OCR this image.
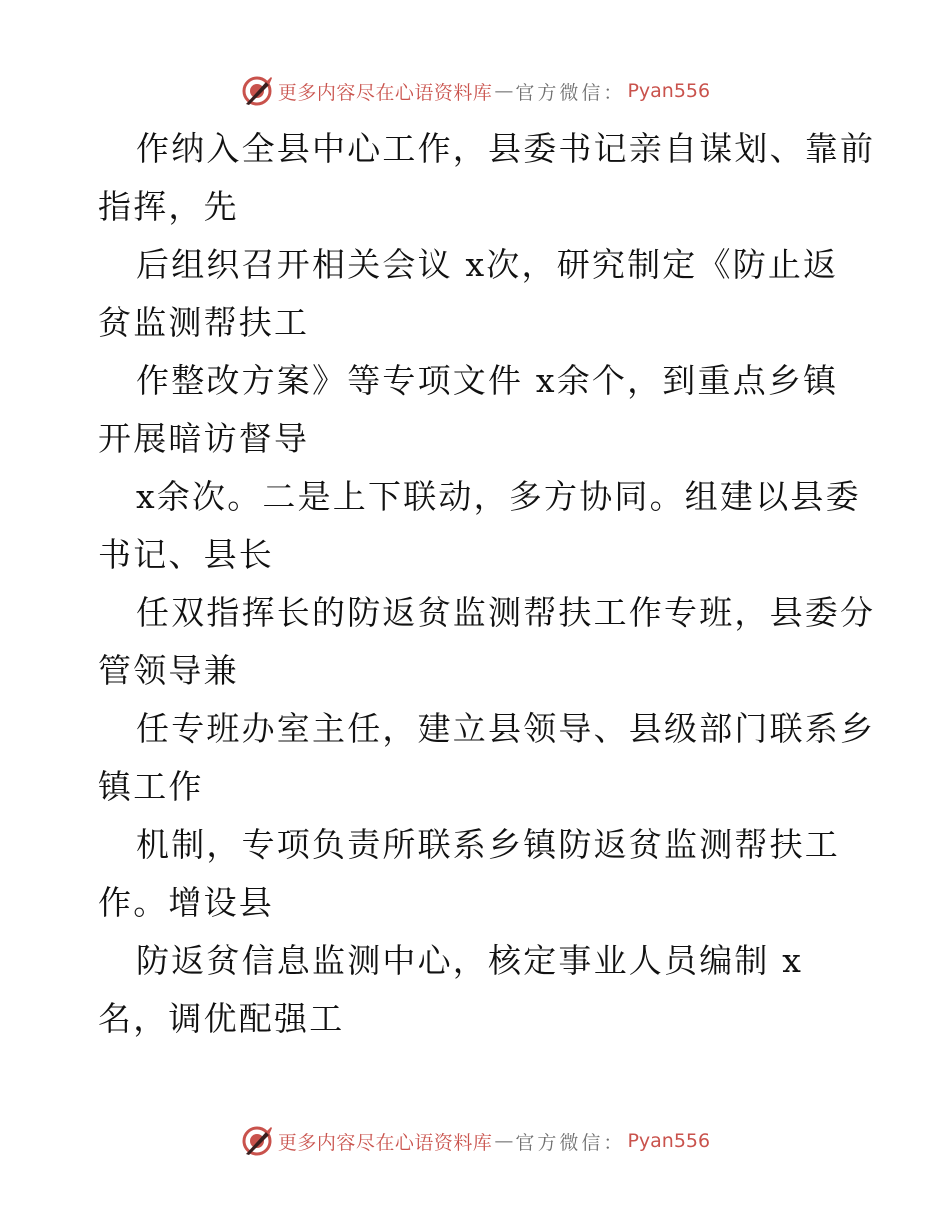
更多内容尽在心语资料库 — 官方微信： Pyan556
作纳入全县中心工作，县委书记亲自谋划、靠前
指挥，先
后组织召开相关会议 x次，研究制定《防止返
贫监测帮扶工
作整改方案》等专项文件 x余个，到重点乡镇
开展暗访督导
x余次。二是上下联动，多方协同。组建以县委
书记、县长
任双指挥长的防返贫监测帮扶工作专班，县委分
管领导兼
任专班办室主任，建立县领导、县级部门联系乡
镇工作
机制，专项负责所联系乡镇防返贫监测帮扶工
作。增设县
防返贫信息监测中心，核定事业人员编制 x
名，调优配强工
更多内容尽在心语资料库 — 官方微信： Pyan556
